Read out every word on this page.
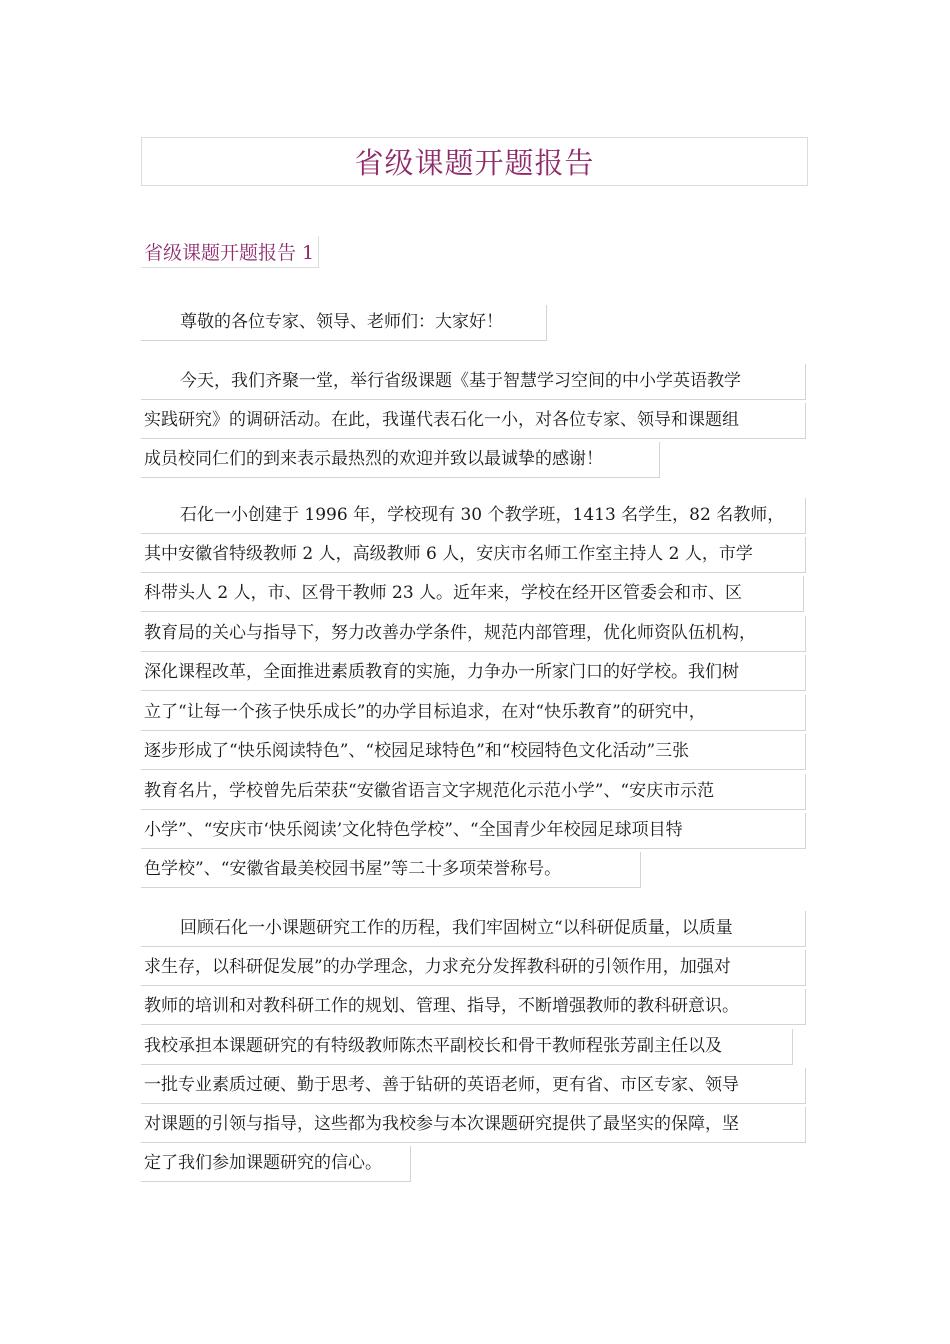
省级课题开题报告
省级课题开题报告 1
尊敬的各位专家、领导、老师们：大家好！
今天，我们齐聚一堂，举行省级课题《基于智慧学习空间的中小学英语教学
实践研究》的调研活动。在此，我谨代表石化一小，对各位专家、领导和课题组
成员校同仁们的到来表示最热烈的欢迎并致以最诚挚的感谢！
石化一小创建于 1996 年，学校现有 30 个教学班，1413 名学生，82 名教师，
其中安徽省特级教师 2 人，高级教师 6 人，安庆市名师工作室主持人 2 人，市学
科带头人 2 人，市、区骨干教师 23 人。近年来，学校在经开区管委会和市、区
教育局的关心与指导下，努力改善办学条件，规范内部管理，优化师资队伍机构，
深化课程改革，全面推进素质教育的实施，力争办一所家门口的好学校。我们树
立了“让每一个孩子快乐成长”的办学目标追求，在对“快乐教育”的研究中，
逐步形成了“快乐阅读特色”、“校园足球特色”和“校园特色文化活动”三张
教育名片，学校曾先后荣获“安徽省语言文字规范化示范小学”、“安庆市示范
小学”、“安庆市‘快乐阅读’文化特色学校”、“全国青少年校园足球项目特
色学校”、“安徽省最美校园书屋”等二十多项荣誉称号。
回顾石化一小课题研究工作的历程，我们牢固树立“以科研促质量，以质量
求生存，以科研促发展”的办学理念，力求充分发挥教科研的引领作用，加强对
教师的培训和对教科研工作的规划、管理、指导，不断增强教师的教科研意识。
我校承担本课题研究的有特级教师陈杰平副校长和骨干教师程张芳副主任以及
一批专业素质过硬、勤于思考、善于钻研的英语老师，更有省、市区专家、领导
对课题的引领与指导，这些都为我校参与本次课题研究提供了最坚实的保障，坚
定了我们参加课题研究的信心。
